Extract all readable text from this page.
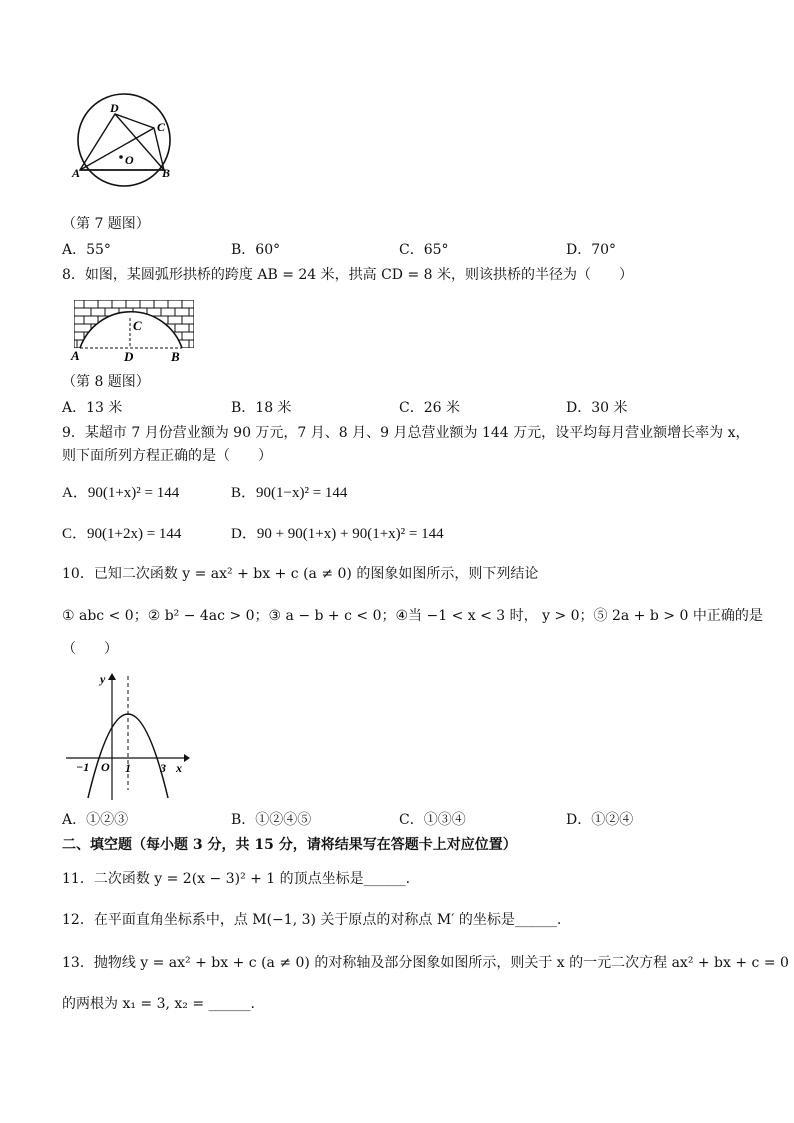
D
C
O
A	B
（第 7 题图）
A．55°	B．60°	C．65°	D．70°
8．如图，某圆弧形拱桥的跨度 AB = 24 米，拱高 CD = 8 米，则该拱桥的半径为（　　）
C
A	D	B
（第 8 题图）
A．13 米	B．18 米	C．26 米	D．30 米
9．某超市 7 月份营业额为 90 万元，7 月、8 月、9 月总营业额为 144 万元，设平均每月营业额增长率为 x，
则下面所列方程正确的是（　　）
A．90(1+x)² = 144	B．90(1−x)² = 144
C．90(1+2x) = 144	D．90 + 90(1+x) + 90(1+x)² = 144
10．已知二次函数 y = ax² + bx + c (a ≠ 0) 的图象如图所示，则下列结论
① abc < 0；② b² − 4ac > 0；③ a − b + c < 0；④当 −1 < x < 3 时， y > 0；⑤ 2a + b > 0 中正确的是
（　　）
y
x
O
−1	1 3
A．①②③	B．①②④⑤	C．①③④	D．①②④
二、填空题（每小题 3 分，共 15 分，请将结果写在答题卡上对应位置）
11．二次函数 y = 2(x − 3)² + 1 的顶点坐标是______.
12．在平面直角坐标系中，点 M(−1, 3) 关于原点的对称点 M′ 的坐标是______.
13．抛物线 y = ax² + bx + c (a ≠ 0) 的对称轴及部分图象如图所示，则关于 x 的一元二次方程 ax² + bx + c = 0
的两根为 x₁ = 3, x₂ = ______.
